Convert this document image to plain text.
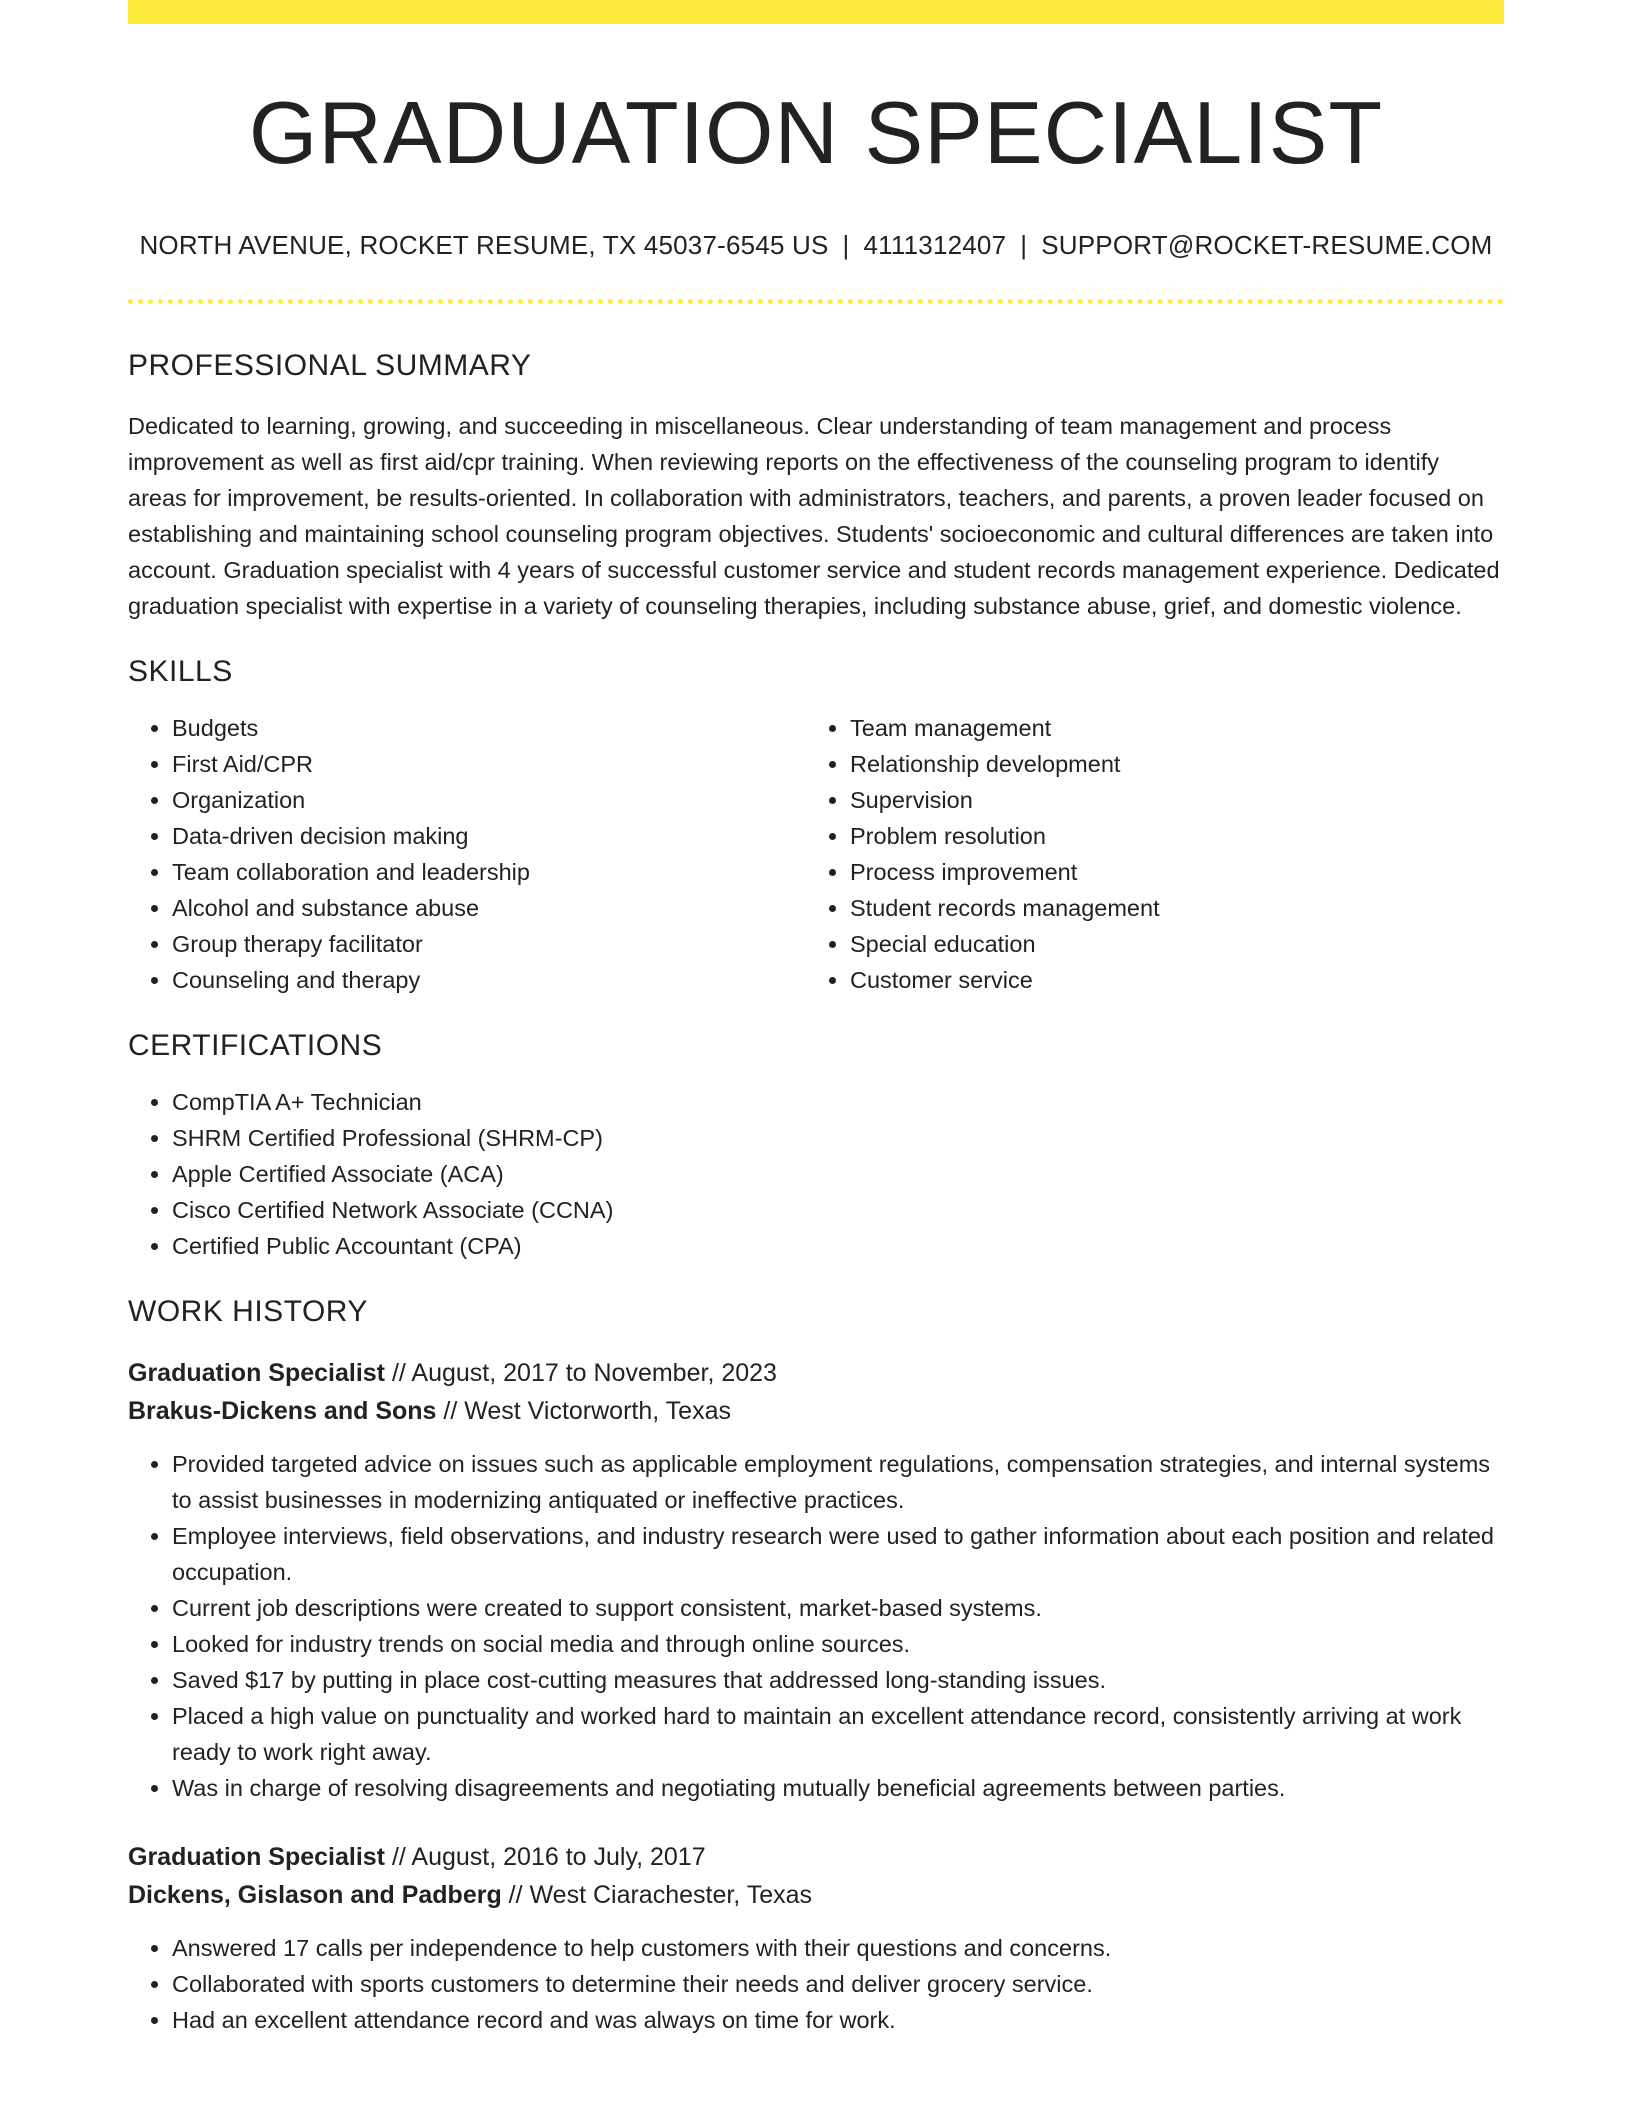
GRADUATION SPECIALIST
NORTH AVENUE, ROCKET RESUME, TX 45037-6545 US | 4111312407 | SUPPORT@ROCKET-RESUME.COM
PROFESSIONAL SUMMARY

Dedicated to learning, growing, and succeeding in miscellaneous. Clear understanding of team management and process improvement as well as first aid/cpr training. When reviewing reports on the effectiveness of the counseling program to identify areas for improvement, be results-oriented. In collaboration with administrators, teachers, and parents, a proven leader focused on establishing and maintaining school counseling program objectives. Students' socioeconomic and cultural differences are taken into account. Graduation specialist with 4 years of successful customer service and student records management experience. Dedicated graduation specialist with expertise in a variety of counseling therapies, including substance abuse, grief, and domestic violence.

SKILLS
• Budgets
• First Aid/CPR
• Organization
• Data-driven decision making
• Team collaboration and leadership
• Alcohol and substance abuse
• Group therapy facilitator
• Counseling and therapy
• Team management
• Relationship development
• Supervision
• Problem resolution
• Process improvement
• Student records management
• Special education
• Customer service
CERTIFICATIONS
• CompTIA A+ Technician
• SHRM Certified Professional (SHRM-CP)
• Apple Certified Associate (ACA)
• Cisco Certified Network Associate (CCNA)
• Certified Public Accountant (CPA)
WORK HISTORY
Graduation Specialist // August, 2017 to November, 2023
Brakus-Dickens and Sons // West Victorworth, Texas
• Provided targeted advice on issues such as applicable employment regulations, compensation strategies, and internal systems to assist businesses in modernizing antiquated or ineffective practices.
• Employee interviews, field observations, and industry research were used to gather information about each position and related occupation.
• Current job descriptions were created to support consistent, market-based systems.
• Looked for industry trends on social media and through online sources.
• Saved $17 by putting in place cost-cutting measures that addressed long-standing issues.
• Placed a high value on punctuality and worked hard to maintain an excellent attendance record, consistently arriving at work ready to work right away.
• Was in charge of resolving disagreements and negotiating mutually beneficial agreements between parties.
Graduation Specialist // August, 2016 to July, 2017
Dickens, Gislason and Padberg // West Ciarachester, Texas
• Answered 17 calls per independence to help customers with their questions and concerns.
• Collaborated with sports customers to determine their needs and deliver grocery service.
• Had an excellent attendance record and was always on time for work.
